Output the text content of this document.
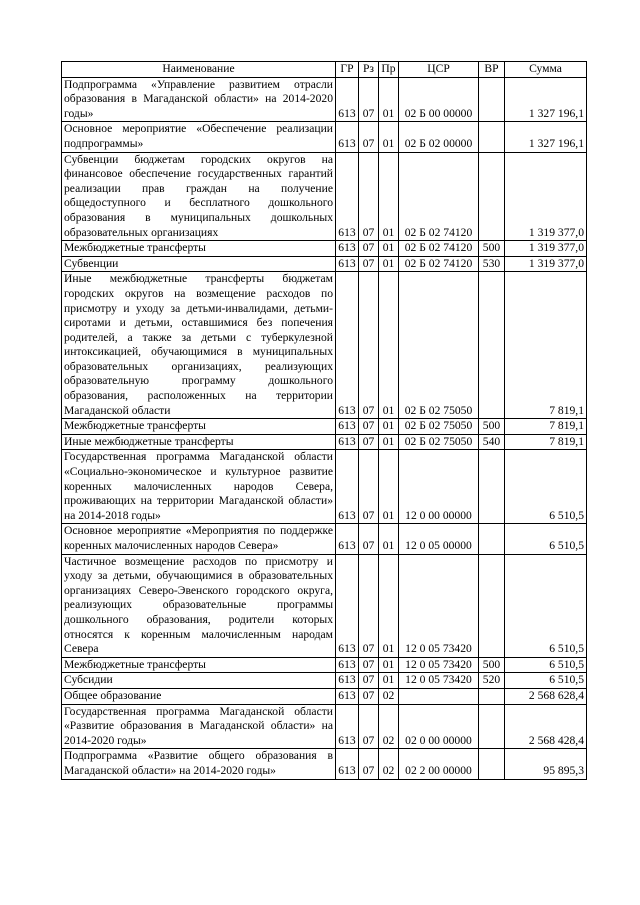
Наименование	ГР	Рз	Пр	ЦСР	ВР	Сумма
Подпрограмма «Управление развитием отрасли образования в Магаданской области» на 2014-2020 годы»	613	07	01	02 Б 00 00000		1 327 196,1
Основное мероприятие «Обеспечение реализации подпрограммы»	613	07	01	02 Б 02 00000		1 327 196,1
Субвенции бюджетам городских округов на финансовое обеспечение государственных гарантий реализации прав граждан на получение общедоступного и бесплатного дошкольного образования в муниципальных дошкольных образовательных организациях	613	07	01	02 Б 02 74120		1 319 377,0
Межбюджетные трансферты	613	07	01	02 Б 02 74120	500	1 319 377,0
Субвенции	613	07	01	02 Б 02 74120	530	1 319 377,0
Иные межбюджетные трансферты бюджетам городских округов на возмещение расходов по присмотру и уходу за детьми-инвалидами, детьми-сиротами и детьми, оставшимися без попечения родителей, а также за детьми с туберкулезной интоксикацией, обучающимися в муниципальных образовательных организациях, реализующих образовательную программу дошкольного образования, расположенных на территории Магаданской области	613	07	01	02 Б 02 75050		7 819,1
Межбюджетные трансферты	613	07	01	02 Б 02 75050	500	7 819,1
Иные межбюджетные трансферты	613	07	01	02 Б 02 75050	540	7 819,1
Государственная программа Магаданской области «Социально-экономическое и культурное развитие коренных малочисленных народов Севера, проживающих на территории Магаданской области» на 2014-2018 годы»	613	07	01	12 0 00 00000		6 510,5
Основное мероприятие «Мероприятия по поддержке коренных малочисленных народов Севера»	613	07	01	12 0 05 00000		6 510,5
Частичное возмещение расходов по присмотру и уходу за детьми, обучающимися в образовательных организациях Северо-Эвенского городского округа, реализующих образовательные программы дошкольного образования, родители которых относятся к коренным малочисленным народам Севера	613	07	01	12 0 05 73420		6 510,5
Межбюджетные трансферты	613	07	01	12 0 05 73420	500	6 510,5
Субсидии	613	07	01	12 0 05 73420	520	6 510,5
Общее образование	613	07	02			2 568 628,4
Государственная программа Магаданской области «Развитие образования в Магаданской области» на 2014-2020 годы»	613	07	02	02 0 00 00000		2 568 428,4
Подпрограмма «Развитие общего образования в Магаданской области» на 2014-2020 годы»	613	07	02	02 2 00 00000		95 895,3
